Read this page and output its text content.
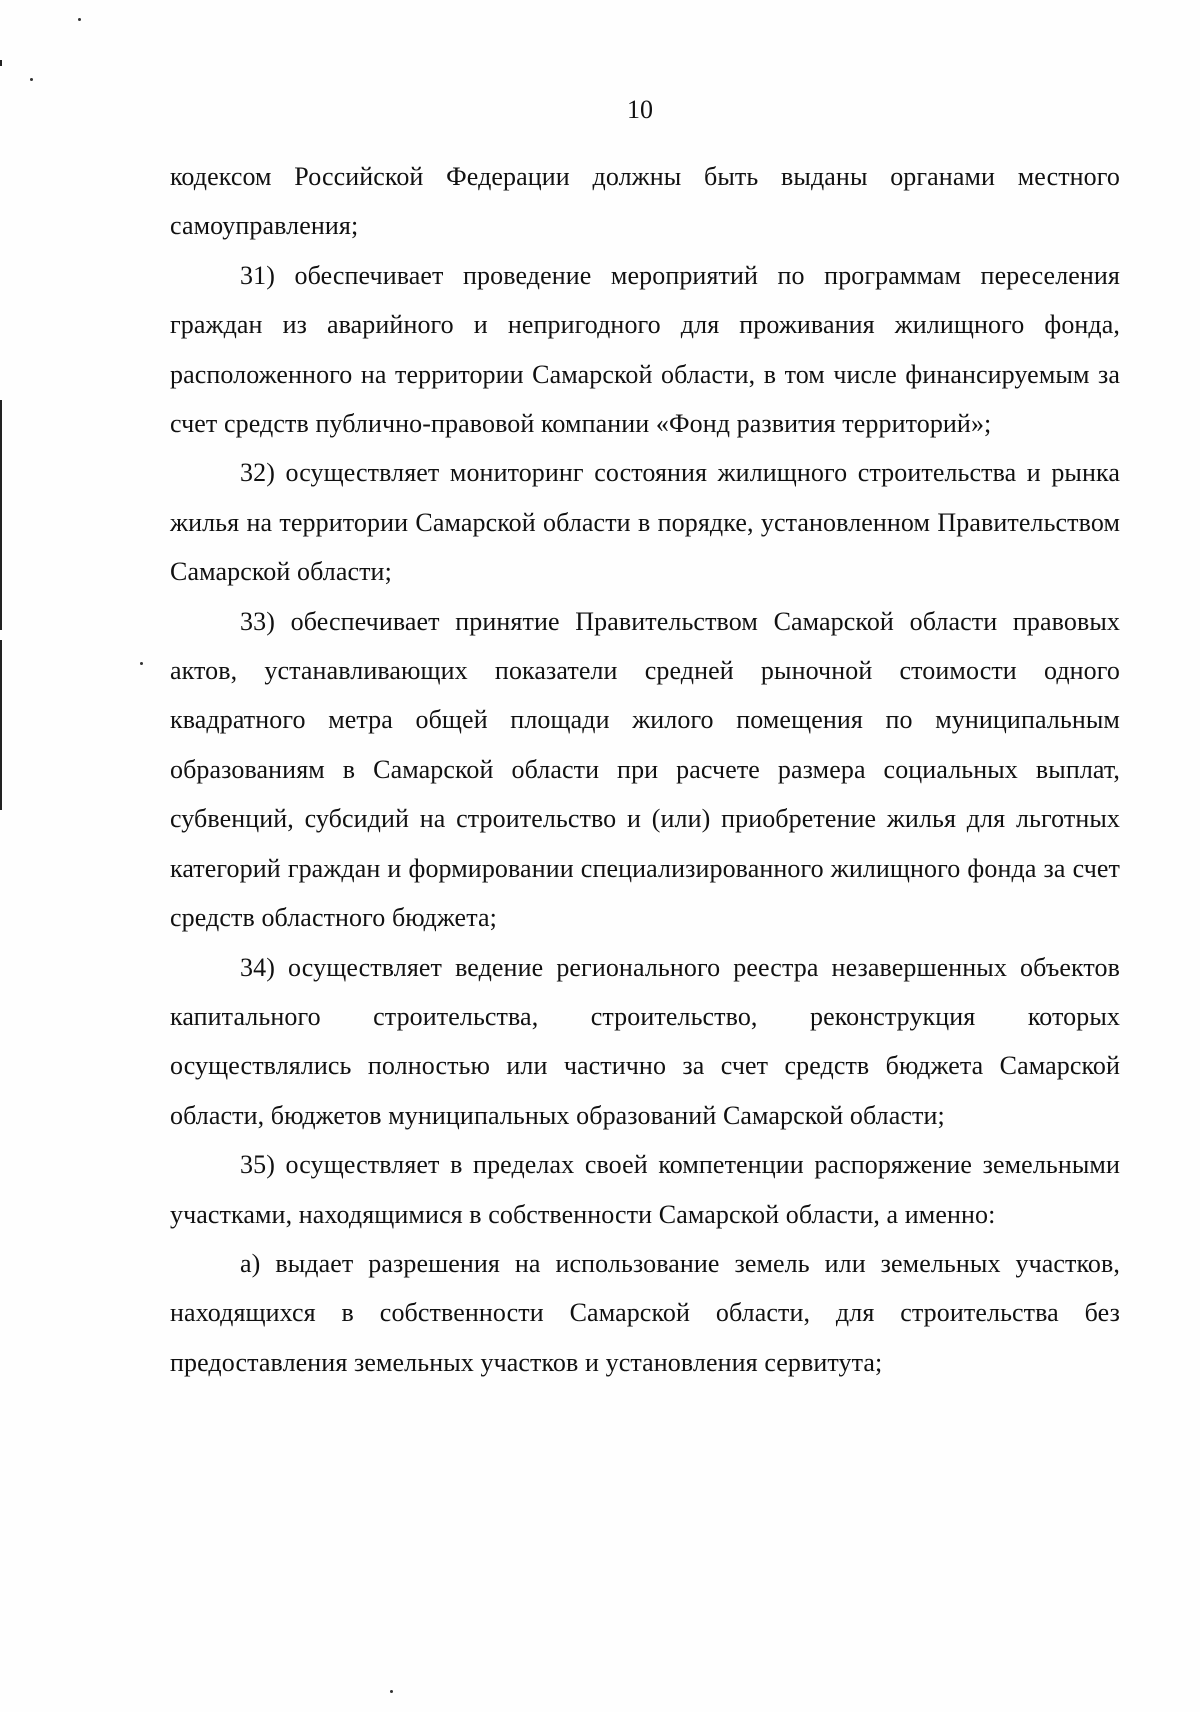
10

кодексом Российской Федерации должны быть выданы органами местного самоуправления;

31) обеспечивает проведение мероприятий по программам переселения граждан из аварийного и непригодного для проживания жилищного фонда, расположенного на территории Самарской области, в том числе финансируемым за счет средств публично-правовой компании «Фонд развития территорий»;

32) осуществляет мониторинг состояния жилищного строительства и рынка жилья на территории Самарской области в порядке, установленном Правительством Самарской области;

33) обеспечивает принятие Правительством Самарской области правовых актов, устанавливающих показатели средней рыночной стоимости одного квадратного метра общей площади жилого помещения по муниципальным образованиям в Самарской области при расчете размера социальных выплат, субвенций, субсидий на строительство и (или) приобретение жилья для льготных категорий граждан и формировании специализированного жилищного фонда за счет средств областного бюджета;

34) осуществляет ведение регионального реестра незавершенных объектов капитального строительства, строительство, реконструкция которых осуществлялись полностью или частично за счет средств бюджета Самарской области, бюджетов муниципальных образований Самарской области;

35) осуществляет в пределах своей компетенции распоряжение земельными участками, находящимися в собственности Самарской области, а именно:

а) выдает разрешения на использование земель или земельных участков, находящихся в собственности Самарской области, для строительства без предоставления земельных участков и установления сервитута;
